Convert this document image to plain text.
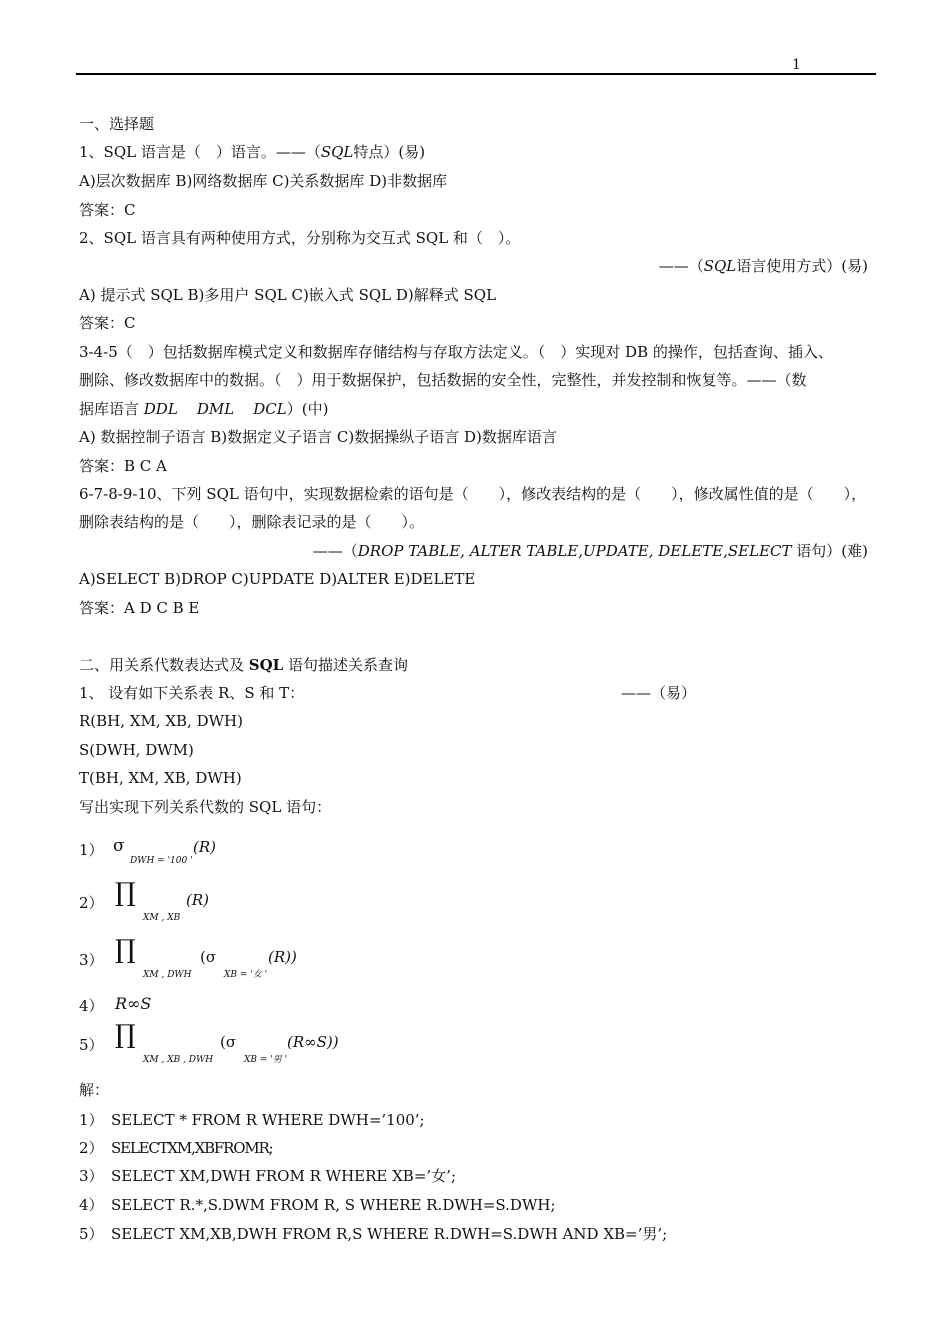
1
一、选择题
1、SQL 语言是（　）语言。——（SQL特点）(易)
A)层次数据库 B)网络数据库 C)关系数据库 D)非数据库
答案：C
2、SQL 语言具有两种使用方式，分别称为交互式 SQL 和（　）。
——（SQL语言使用方式）(易)
A) 提示式 SQL B)多用户 SQL C)嵌入式 SQL D)解释式 SQL
答案：C
3-4-5（　）包括数据库模式定义和数据库存储结构与存取方法定义。（　）实现对 DB 的操作，包括查询、插入、
删除、修改数据库中的数据。（　）用于数据保护，包括数据的安全性，完整性，并发控制和恢复等。——（数
据库语言 DDL    DML    DCL）(中)
A) 数据控制子语言 B)数据定义子语言 C)数据操纵子语言 D)数据库语言
答案：B C A
6-7-8-9-10、下列 SQL 语句中，实现数据检索的语句是（　　），修改表结构的是（　　），修改属性值的是（　　），
删除表结构的是（　　），删除表记录的是（　　）。
——（DROP TABLE, ALTER TABLE,UPDATE, DELETE,SELECT 语句）(难)
A)SELECT B)DROP C)UPDATE D)ALTER E)DELETE
答案：A D C B E
二、用关系代数表达式及 SQL 语句描述关系查询
1、 设有如下关系表 R、S 和 T：	——（易）
R(BH, XM, XB, DWH)
S(DWH, DWM)
T(BH, XM, XB, DWH)
写出实现下列关系代数的 SQL 语句：
1） σ
DWH = '100 '
(R)
2） ∏
XM , XB
(R)
3） ∏
XM , DWH
(σ
XB = '女 '
(R))
4） R∞S
5） ∏
XM , XB , DWH
(σ
XB = '男 '
(R∞S))
解：
1） SELECT * FROM R WHERE DWH=’100’;
2） SELECTXM,XBFROMR;
3） SELECT XM,DWH FROM R WHERE XB=’女’;
4） SELECT R.*,S.DWM FROM R, S WHERE R.DWH=S.DWH;
5） SELECT XM,XB,DWH FROM R,S WHERE R.DWH=S.DWH AND XB=’男’;
